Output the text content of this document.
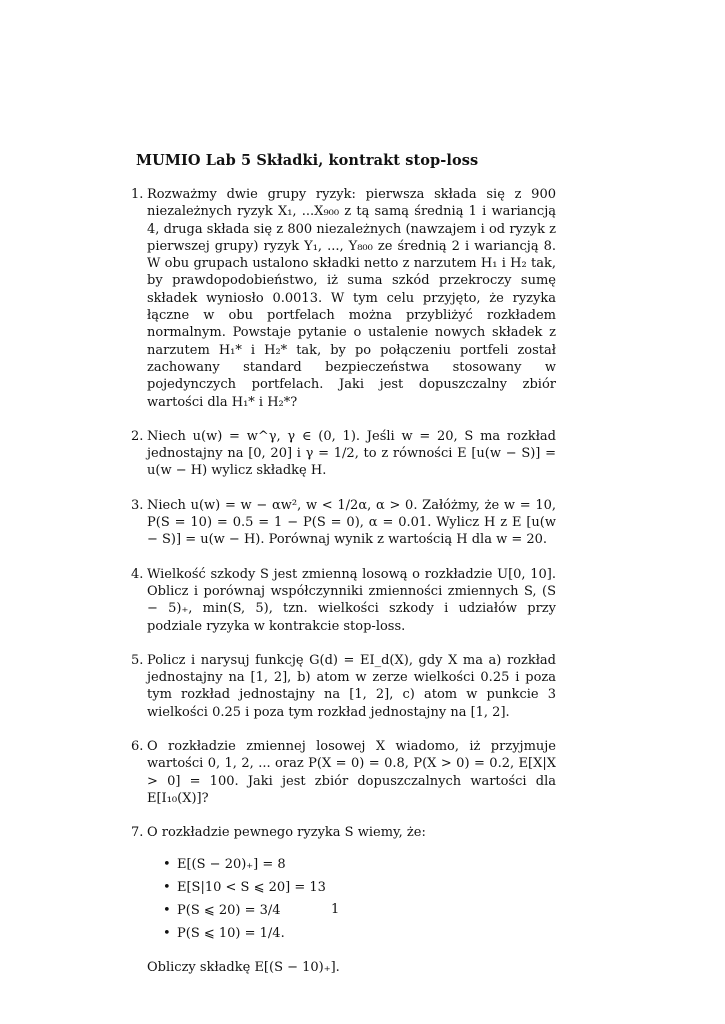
MUMIO Lab 5 Składki, kontrakt stop-loss
1. Rozważmy dwie grupy ryzyk: pierwsza składa się z 900 niezależnych ryzyk X₁, ...X₉₀₀ z tą samą średnią 1 i wariancją 4, druga składa się z 800 niezależnych (nawzajem i od ryzyk z pierwszej grupy) ryzyk Y₁, ..., Y₈₀₀ ze średnią 2 i wariancją 8. W obu grupach ustalono składki netto z narzutem H₁ i H₂ tak, by prawdopodobieństwo, iż suma szkód przekroczy sumę składek wyniosło 0.0013. W tym celu przyjęto, że ryzyka łączne w obu portfelach można przybliżyć rozkładem normalnym. Powstaje pytanie o ustalenie nowych składek z narzutem H₁* i H₂* tak, by po połączeniu portfeli został zachowany standard bezpieczeństwa stosowany w pojedynczych portfelach. Jaki jest dopuszczalny zbiór wartości dla H₁* i H₂*?
2. Niech u(w) = w^γ, γ ∈ (0, 1). Jeśli w = 20, S ma rozkład jednostajny na [0, 20] i γ = 1/2, to z równości E [u(w − S)] = u(w − H) wylicz składkę H.
3. Niech u(w) = w − αw², w < 1/2α, α > 0. Załóżmy, że w = 10, P(S = 10) = 0.5 = 1 − P(S = 0), α = 0.01. Wylicz H z E [u(w − S)] = u(w − H). Porównaj wynik z wartością H dla w = 20.
4. Wielkość szkody S jest zmienną losową o rozkładzie U[0, 10]. Oblicz i porównaj współczynniki zmienności zmiennych S, (S − 5)₊, min(S, 5), tzn. wielkości szkody i udziałów przy podziale ryzyka w kontrakcie stop-loss.
5. Policz i narysuj funkcję G(d) = EI_d(X), gdy X ma a) rozkład jednostajny na [1, 2], b) atom w zerze wielkości 0.25 i poza tym rozkład jednostajny na [1, 2], c) atom w punkcie 3 wielkości 0.25 i poza tym rozkład jednostajny na [1, 2].
6. O rozkładzie zmiennej losowej X wiadomo, iż przyjmuje wartości 0, 1, 2, ... oraz P(X = 0) = 0.8, P(X > 0) = 0.2, E[X|X > 0] = 100. Jaki jest zbiór dopuszczalnych wartości dla E[I₁₀(X)]?
7. O rozkładzie pewnego ryzyka S wiemy, że:
• E[(S − 20)₊] = 8
• E[S|10 < S ⩽ 20] = 13
• P(S ⩽ 20) = 3/4
• P(S ⩽ 10) = 1/4.
Obliczy składkę E[(S − 10)₊].
1
